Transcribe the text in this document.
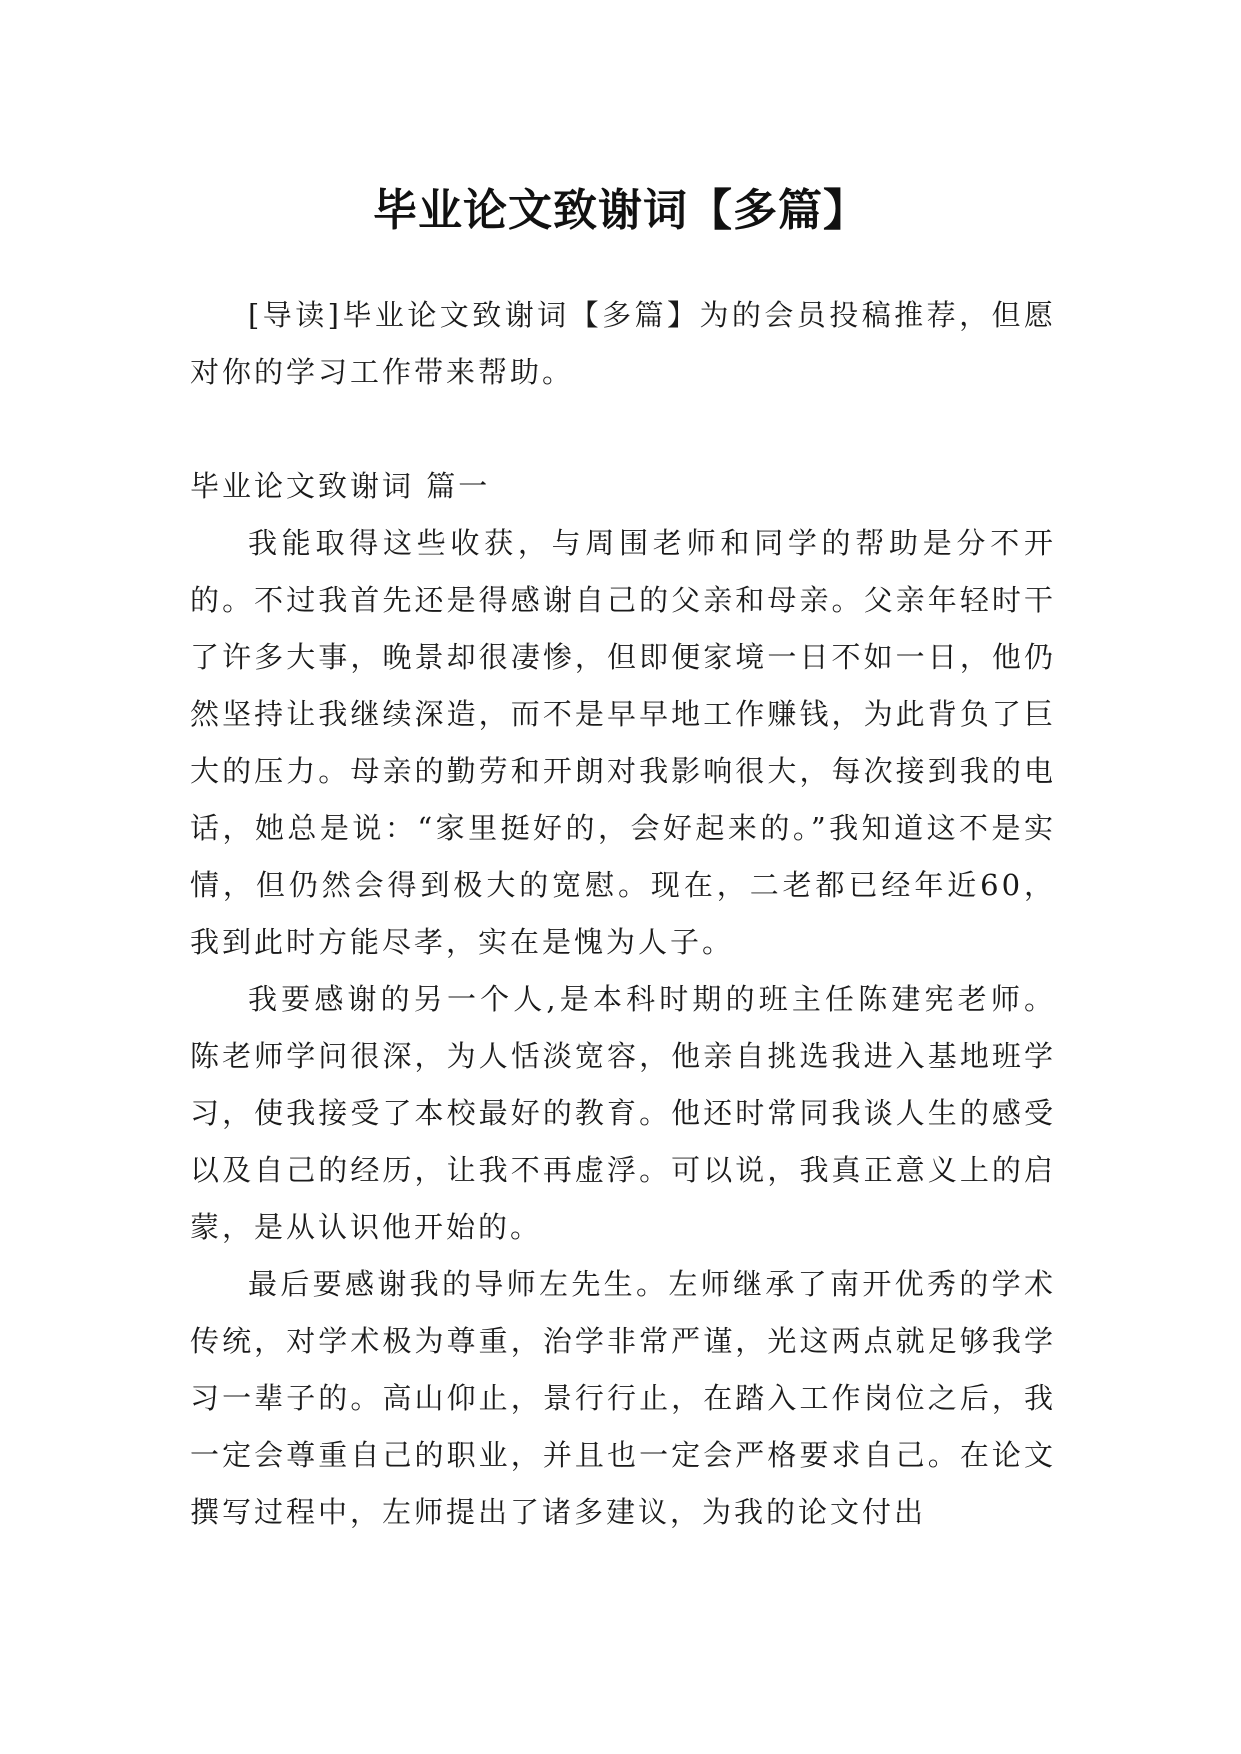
毕业论文致谢词【多篇】

[导读]毕业论文致谢词【多篇】为的会员投稿推荐，但愿对你的学习工作带来帮助。

毕业论文致谢词 篇一

我能取得这些收获，与周围老师和同学的帮助是分不开的。不过我首先还是得感谢自己的父亲和母亲。父亲年轻时干了许多大事，晚景却很凄惨，但即便家境一日不如一日，他仍然坚持让我继续深造，而不是早早地工作赚钱，为此背负了巨大的压力。母亲的勤劳和开朗对我影响很大，每次接到我的电话，她总是说：“家里挺好的，会好起来的。”我知道这不是实情，但仍然会得到极大的宽慰。现在，二老都已经年近60，我到此时方能尽孝，实在是愧为人子。

我要感谢的另一个人,是本科时期的班主任陈建宪老师。陈老师学问很深，为人恬淡宽容，他亲自挑选我进入基地班学习，使我接受了本校最好的教育。他还时常同我谈人生的感受以及自己的经历，让我不再虚浮。可以说，我真正意义上的启蒙，是从认识他开始的。

最后要感谢我的导师左先生。左师继承了南开优秀的学术传统，对学术极为尊重，治学非常严谨，光这两点就足够我学习一辈子的。高山仰止，景行行止，在踏入工作岗位之后，我一定会尊重自己的职业，并且也一定会严格要求自己。在论文撰写过程中，左师提出了诸多建议，为我的论文付出
